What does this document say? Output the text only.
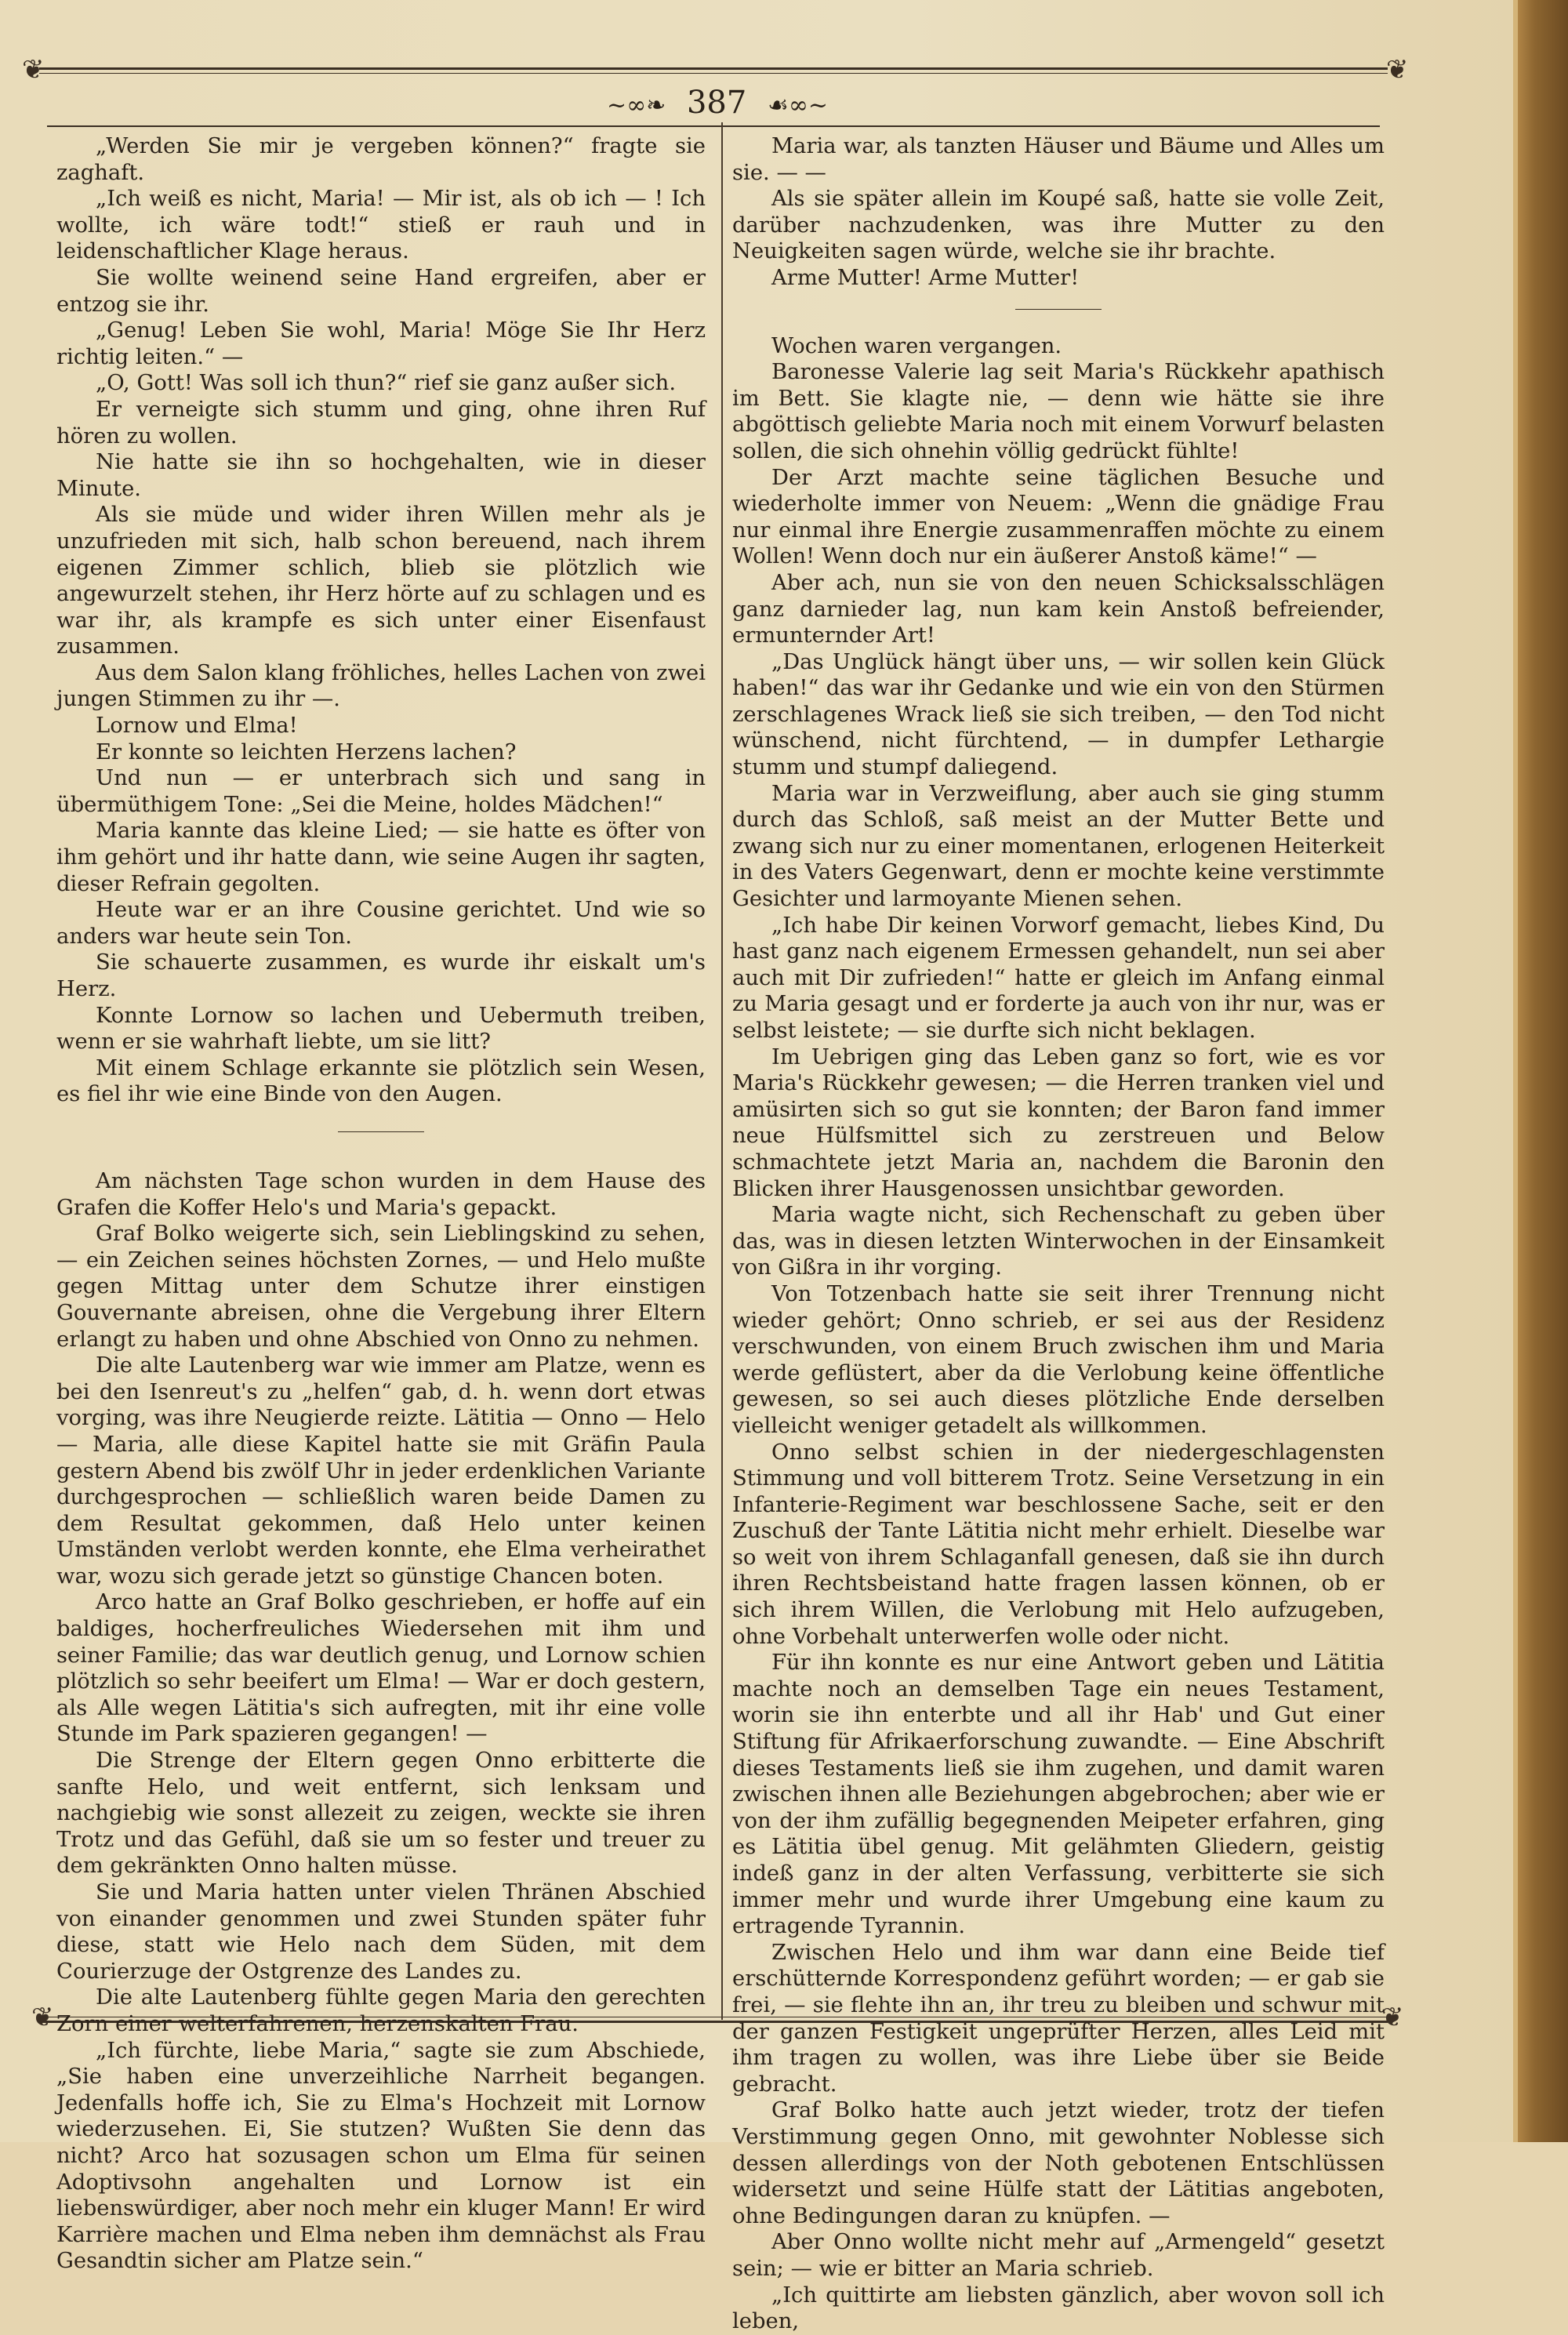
❦	❦
❦	❦
~∞❧ 387 ☙∞~

„Werden Sie mir je vergeben können?“ fragte sie zaghaft.

„Ich weiß es nicht, Maria! — Mir ist, als ob ich — ! Ich wollte, ich wäre todt!“ stieß er rauh und in leidenschaftlicher Klage heraus.

Sie wollte weinend seine Hand ergreifen, aber er entzog sie ihr.

„Genug! Leben Sie wohl, Maria! Möge Sie Ihr Herz richtig leiten.“ —

„O, Gott! Was soll ich thun?“ rief sie ganz außer sich.

Er verneigte sich stumm und ging, ohne ihren Ruf hören zu wollen.

Nie hatte sie ihn so hochgehalten, wie in dieser Minute.

Als sie müde und wider ihren Willen mehr als je unzufrieden mit sich, halb schon bereuend, nach ihrem eigenen Zimmer schlich, blieb sie plötzlich wie angewurzelt stehen, ihr Herz hörte auf zu schlagen und es war ihr, als krampfe es sich unter einer Eisenfaust zusammen.

Aus dem Salon klang fröhliches, helles Lachen von zwei jungen Stimmen zu ihr —.

Lornow und Elma!

Er konnte so leichten Herzens lachen?

Und nun — er unterbrach sich und sang in übermüthigem Tone: „Sei die Meine, holdes Mädchen!“

Maria kannte das kleine Lied; — sie hatte es öfter von ihm gehört und ihr hatte dann, wie seine Augen ihr sagten, dieser Refrain gegolten.

Heute war er an ihre Cousine gerichtet. Und wie so anders war heute sein Ton.

Sie schauerte zusammen, es wurde ihr eiskalt um's Herz.

Konnte Lornow so lachen und Uebermuth treiben, wenn er sie wahrhaft liebte, um sie litt?

Mit einem Schlage erkannte sie plötzlich sein Wesen, es fiel ihr wie eine Binde von den Augen.

Am nächsten Tage schon wurden in dem Hause des Grafen die Koffer Helo's und Maria's gepackt.

Graf Bolko weigerte sich, sein Lieblingskind zu sehen, — ein Zeichen seines höchsten Zornes, — und Helo mußte gegen Mittag unter dem Schutze ihrer einstigen Gouvernante abreisen, ohne die Vergebung ihrer Eltern erlangt zu haben und ohne Abschied von Onno zu nehmen.

Die alte Lautenberg war wie immer am Platze, wenn es bei den Isenreut's zu „helfen“ gab, d. h. wenn dort etwas vorging, was ihre Neugierde reizte. Lätitia — Onno — Helo — Maria, alle diese Kapitel hatte sie mit Gräfin Paula gestern Abend bis zwölf Uhr in jeder erdenklichen Variante durchgesprochen — schließlich waren beide Damen zu dem Resultat gekommen, daß Helo unter keinen Umständen verlobt werden konnte, ehe Elma verheirathet war, wozu sich gerade jetzt so günstige Chancen boten.

Arco hatte an Graf Bolko geschrieben, er hoffe auf ein baldiges, hocherfreuliches Wiedersehen mit ihm und seiner Familie; das war deutlich genug, und Lornow schien plötzlich so sehr beeifert um Elma! — War er doch gestern, als Alle wegen Lätitia's sich aufregten, mit ihr eine volle Stunde im Park spazieren gegangen! —

Die Strenge der Eltern gegen Onno erbitterte die sanfte Helo, und weit entfernt, sich lenksam und nachgiebig wie sonst allezeit zu zeigen, weckte sie ihren Trotz und das Gefühl, daß sie um so fester und treuer zu dem gekränkten Onno halten müsse.

Sie und Maria hatten unter vielen Thränen Abschied von einander genommen und zwei Stunden später fuhr diese, statt wie Helo nach dem Süden, mit dem Courierzuge der Ostgrenze des Landes zu.

Die alte Lautenberg fühlte gegen Maria den gerechten Zorn einer welterfahrenen, herzenskalten Frau.

„Ich fürchte, liebe Maria,“ sagte sie zum Abschiede, „Sie haben eine unverzeihliche Narrheit begangen. Jedenfalls hoffe ich, Sie zu Elma's Hochzeit mit Lornow wiederzusehen. Ei, Sie stutzen? Wußten Sie denn das nicht? Arco hat sozusagen schon um Elma für seinen Adoptivsohn angehalten und Lornow ist ein liebenswürdiger, aber noch mehr ein kluger Mann! Er wird Karrière machen und Elma neben ihm demnächst als Frau Gesandtin sicher am Platze sein.“

Maria war, als tanzten Häuser und Bäume und Alles um sie. — —

Als sie später allein im Koupé saß, hatte sie volle Zeit, darüber nachzudenken, was ihre Mutter zu den Neuigkeiten sagen würde, welche sie ihr brachte.

Arme Mutter! Arme Mutter!

Wochen waren vergangen.

Baronesse Valerie lag seit Maria's Rückkehr apathisch im Bett. Sie klagte nie, — denn wie hätte sie ihre abgöttisch geliebte Maria noch mit einem Vorwurf belasten sollen, die sich ohnehin völlig gedrückt fühlte!

Der Arzt machte seine täglichen Besuche und wiederholte immer von Neuem: „Wenn die gnädige Frau nur einmal ihre Energie zusammenraffen möchte zu einem Wollen! Wenn doch nur ein äußerer Anstoß käme!“ —

Aber ach, nun sie von den neuen Schicksalsschlägen ganz darnieder lag, nun kam kein Anstoß befreiender, ermunternder Art!

„Das Unglück hängt über uns, — wir sollen kein Glück haben!“ das war ihr Gedanke und wie ein von den Stürmen zerschlagenes Wrack ließ sie sich treiben, — den Tod nicht wünschend, nicht fürchtend, — in dumpfer Lethargie stumm und stumpf daliegend.

Maria war in Verzweiflung, aber auch sie ging stumm durch das Schloß, saß meist an der Mutter Bette und zwang sich nur zu einer momentanen, erlogenen Heiterkeit in des Vaters Gegenwart, denn er mochte keine verstimmte Gesichter und larmoyante Mienen sehen.

„Ich habe Dir keinen Vorworf gemacht, liebes Kind, Du hast ganz nach eigenem Ermessen gehandelt, nun sei aber auch mit Dir zufrieden!“ hatte er gleich im Anfang einmal zu Maria gesagt und er forderte ja auch von ihr nur, was er selbst leistete; — sie durfte sich nicht beklagen.

Im Uebrigen ging das Leben ganz so fort, wie es vor Maria's Rückkehr gewesen; — die Herren tranken viel und amüsirten sich so gut sie konnten; der Baron fand immer neue Hülfsmittel sich zu zerstreuen und Below schmachtete jetzt Maria an, nachdem die Baronin den Blicken ihrer Hausgenossen unsichtbar geworden.

Maria wagte nicht, sich Rechenschaft zu geben über das, was in diesen letzten Winterwochen in der Einsamkeit von Gißra in ihr vorging.

Von Totzenbach hatte sie seit ihrer Trennung nicht wieder gehört; Onno schrieb, er sei aus der Residenz verschwunden, von einem Bruch zwischen ihm und Maria werde geflüstert, aber da die Verlobung keine öffentliche gewesen, so sei auch dieses plötzliche Ende derselben vielleicht weniger getadelt als willkommen.

Onno selbst schien in der niedergeschlagensten Stimmung und voll bitterem Trotz. Seine Versetzung in ein Infanterie-Regiment war beschlossene Sache, seit er den Zuschuß der Tante Lätitia nicht mehr erhielt. Dieselbe war so weit von ihrem Schlaganfall genesen, daß sie ihn durch ihren Rechtsbeistand hatte fragen lassen können, ob er sich ihrem Willen, die Verlobung mit Helo aufzugeben, ohne Vorbehalt unterwerfen wolle oder nicht.

Für ihn konnte es nur eine Antwort geben und Lätitia machte noch an demselben Tage ein neues Testament, worin sie ihn enterbte und all ihr Hab' und Gut einer Stiftung für Afrikaerforschung zuwandte. — Eine Abschrift dieses Testaments ließ sie ihm zugehen, und damit waren zwischen ihnen alle Beziehungen abgebrochen; aber wie er von der ihm zufällig begegnenden Meipeter erfahren, ging es Lätitia übel genug. Mit gelähmten Gliedern, geistig indeß ganz in der alten Verfassung, verbitterte sie sich immer mehr und wurde ihrer Umgebung eine kaum zu ertragende Tyrannin.

Zwischen Helo und ihm war dann eine Beide tief erschütternde Korrespondenz geführt worden; — er gab sie frei, — sie flehte ihn an, ihr treu zu bleiben und schwur mit der ganzen Festigkeit ungeprüfter Herzen, alles Leid mit ihm tragen zu wollen, was ihre Liebe über sie Beide gebracht.

Graf Bolko hatte auch jetzt wieder, trotz der tiefen Verstimmung gegen Onno, mit gewohnter Noblesse sich dessen allerdings von der Noth gebotenen Entschlüssen widersetzt und seine Hülfe statt der Lätitias angeboten, ohne Bedingungen daran zu knüpfen. —

Aber Onno wollte nicht mehr auf „Armengeld“ gesetzt sein; — wie er bitter an Maria schrieb.

„Ich quittirte am liebsten gänzlich, aber wovon soll ich leben,
